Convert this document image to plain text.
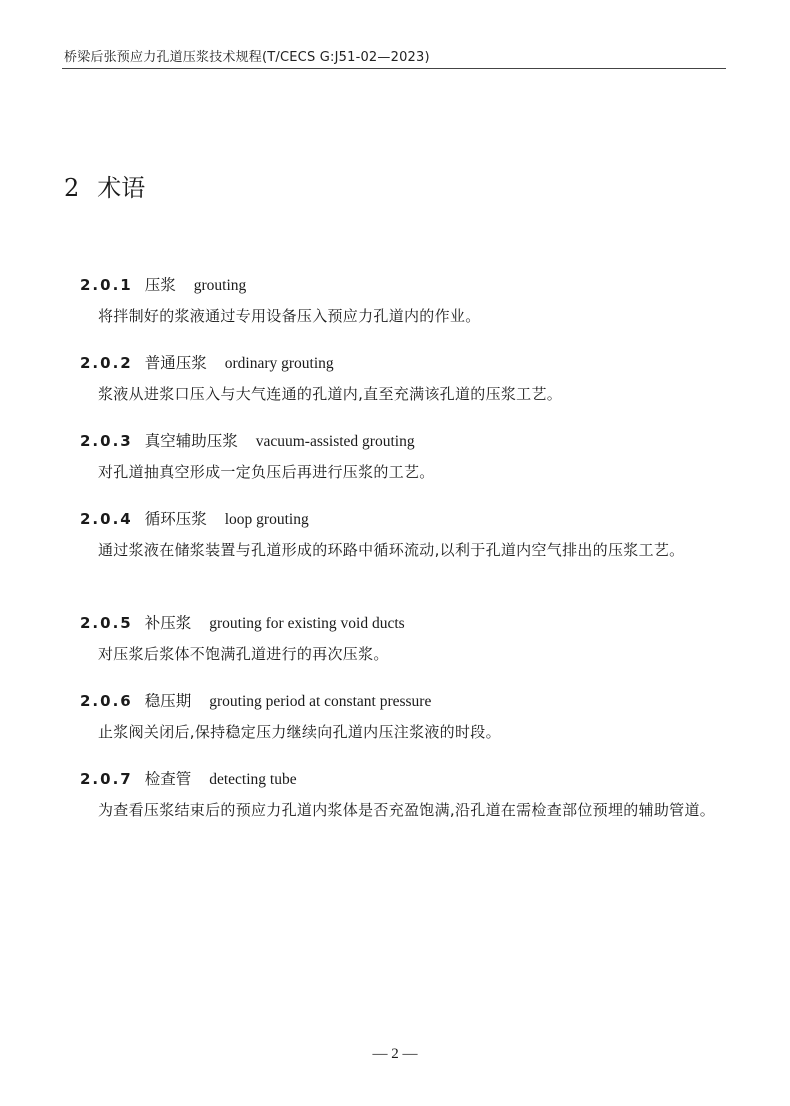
桥梁后张预应力孔道压浆技术规程(T/CECS G:J51-02—2023)
2 术语
2.0.1 压浆 grouting
将拌制好的浆液通过专用设备压入预应力孔道内的作业。
2.0.2 普通压浆 ordinary grouting
浆液从进浆口压入与大气连通的孔道内,直至充满该孔道的压浆工艺。
2.0.3 真空辅助压浆 vacuum-assisted grouting
对孔道抽真空形成一定负压后再进行压浆的工艺。
2.0.4 循环压浆 loop grouting
通过浆液在储浆装置与孔道形成的环路中循环流动,以利于孔道内空气排出的压浆工艺。
2.0.5 补压浆 grouting for existing void ducts
对压浆后浆体不饱满孔道进行的再次压浆。
2.0.6 稳压期 grouting period at constant pressure
止浆阀关闭后,保持稳定压力继续向孔道内压注浆液的时段。
2.0.7 检查管 detecting tube
为查看压浆结束后的预应力孔道内浆体是否充盈饱满,沿孔道在需检查部位预埋的辅助管道。
— 2 —
